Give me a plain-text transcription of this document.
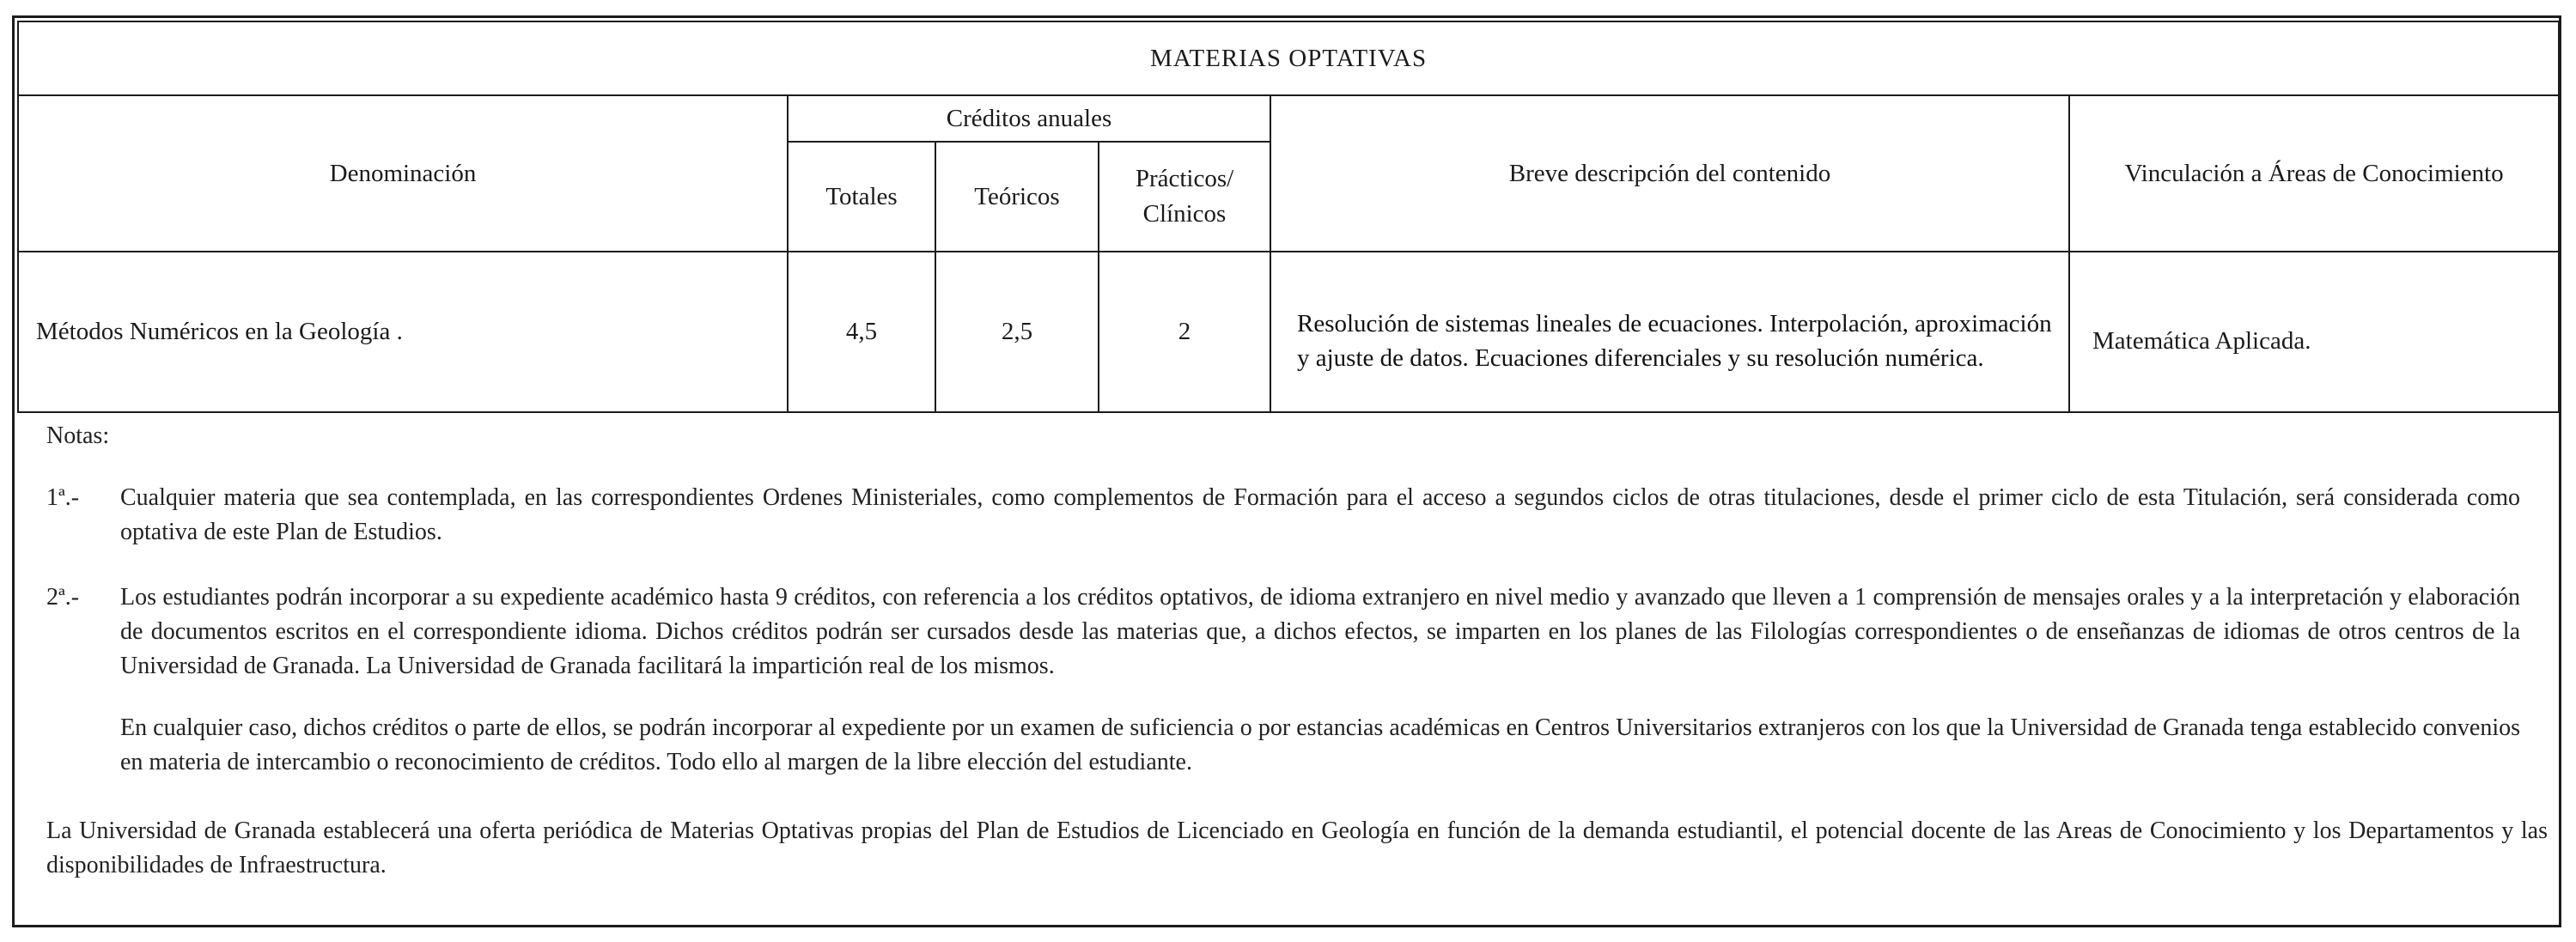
MATERIAS OPTATIVAS					
Denominación	Créditos anuales			Breve descripción del contenido	Vinculación a Áreas de Conocimiento
	Totales	Teóricos	Prácticos/ Clínicos		
Métodos Numéricos en la Geología .	4,5	2,5	2	Resolución de sistemas lineales de ecuaciones. Interpolación, aproximación y ajuste de datos. Ecuaciones diferenciales y su resolución numérica.	Matemática Aplicada.
Notas:
1ª.- Cualquier materia que sea contemplada, en las correspondientes Ordenes Ministeriales, como complementos de Formación para el acceso a segundos ciclos de otras titulaciones, desde el primer ciclo de esta Titulación, será considerada como optativa de este Plan de Estudios.
2ª.- Los estudiantes podrán incorporar a su expediente académico hasta 9 créditos, con referencia a los créditos optativos, de idioma extranjero en nivel medio y avanzado que lleven a 1 comprensión de mensajes orales y a la interpretación y elaboración de documentos escritos en el correspondiente idioma. Dichos créditos podrán ser cursados desde las materias que, a dichos efectos, se imparten en los planes de las Filologías correspondientes o de enseñanzas de idiomas de otros centros de la Universidad de Granada. La Universidad de Granada facilitará la impartición real de los mismos.
En cualquier caso, dichos créditos o parte de ellos, se podrán incorporar al expediente por un examen de suficiencia o por estancias académicas en Centros Universitarios extranjeros con los que la Universidad de Granada tenga establecido convenios en materia de intercambio o reconocimiento de créditos. Todo ello al margen de la libre elección del estudiante.
La Universidad de Granada establecerá una oferta periódica de Materias Optativas propias del Plan de Estudios de Licenciado en Geología en función de la demanda estudiantil, el potencial docente de las Areas de Conocimiento y los Departamentos y las disponibilidades de Infraestructura.
